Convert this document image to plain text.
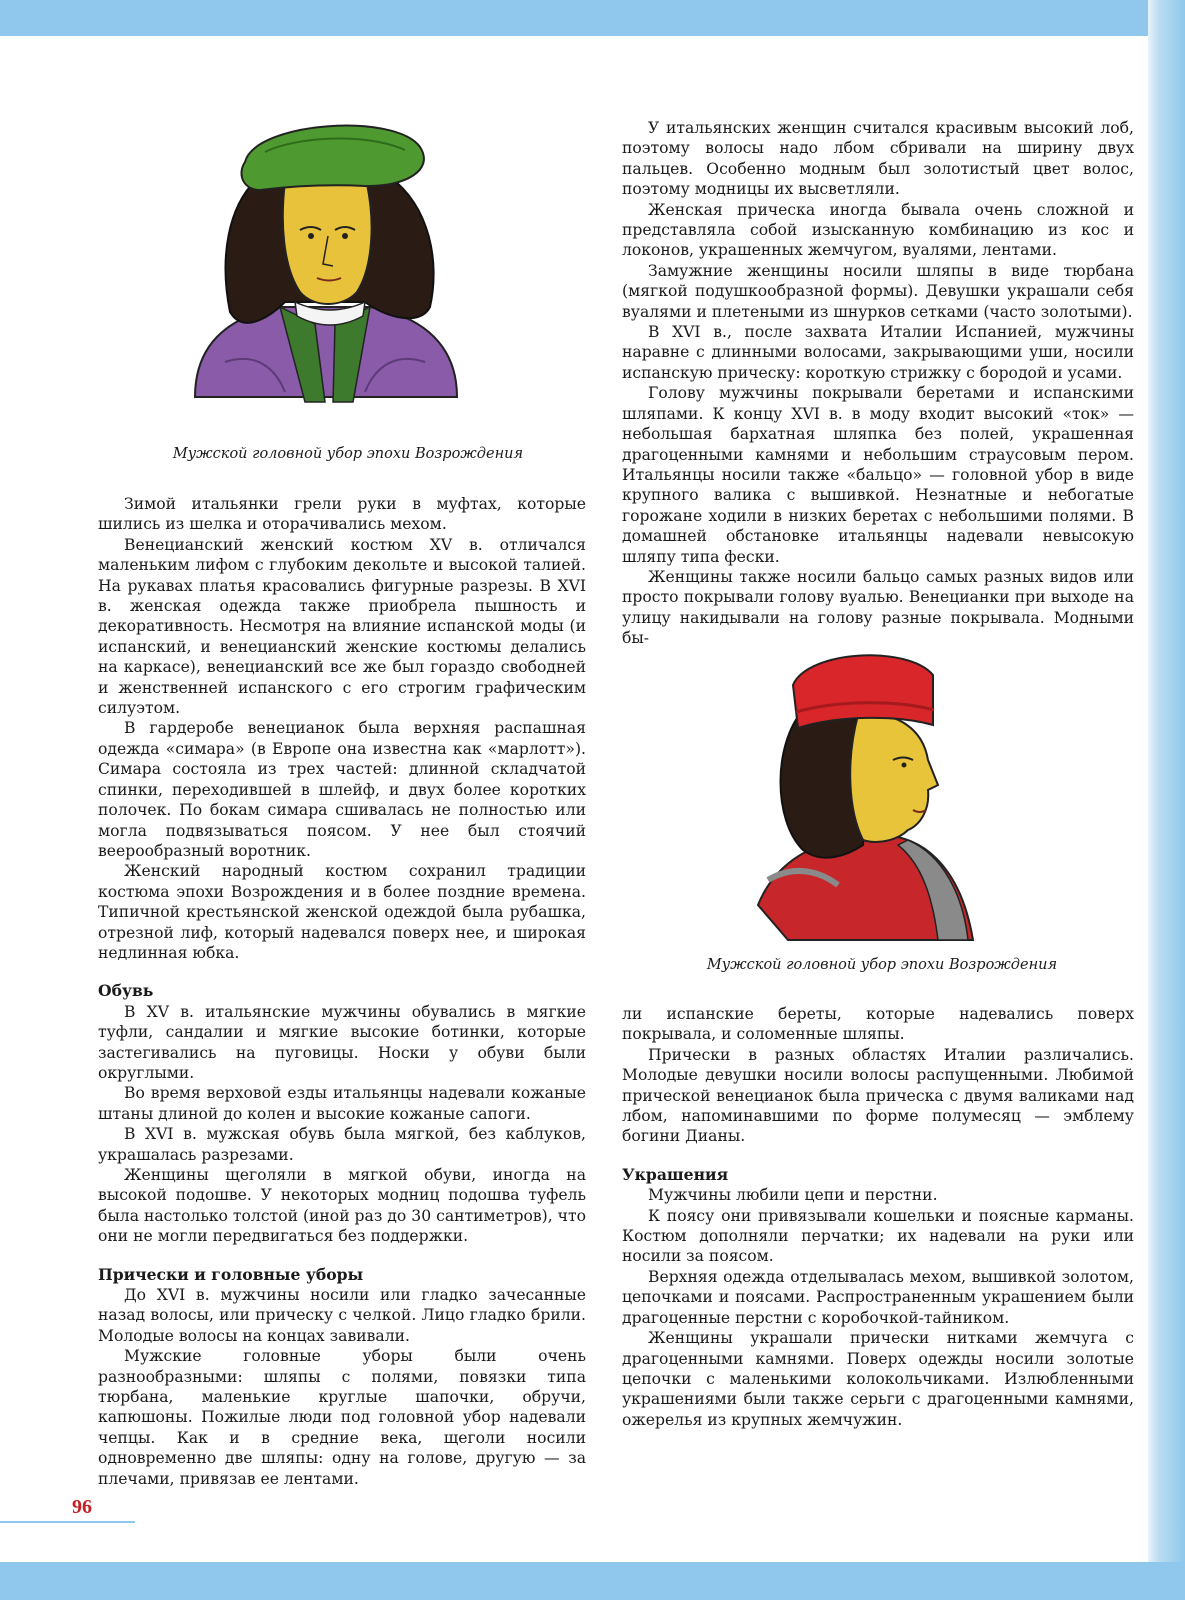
Мужской головной убор эпохи Возрождения
Мужской головной убор эпохи Возрождения

Зимой итальянки грели руки в муфтах, которые шились из шелка и оторачивались мехом.

Венецианский женский костюм XV в. отличался маленьким лифом с глубоким декольте и высокой талией. На рукавах платья красовались фигурные разрезы. В XVI в. женская одежда также приобрела пышность и декоративность. Несмотря на влияние испанской моды (и испанский, и венецианский женские костюмы делались на каркасе), венецианский все же был гораздо свободней и женственней испанского с его строгим графическим силуэтом.

В гардеробе венецианок была верхняя распашная одежда «симара» (в Европе она известна как «марлотт»). Симара состояла из трех частей: длинной складчатой спинки, переходившей в шлейф, и двух более коротких полочек. По бокам симара сшивалась не полностью или могла подвязываться поясом. У нее был стоячий веерообразный воротник.

Женский народный костюм сохранил традиции костюма эпохи Возрождения и в более поздние времена. Типичной крестьянской женской одеждой была рубашка, отрезной лиф, который надевался поверх нее, и широкая недлинная юбка.

Обувь

В XV в. итальянские мужчины обувались в мягкие туфли, сандалии и мягкие высокие ботинки, которые застегивались на пуговицы. Носки у обуви были округлыми.

Во время верховой езды итальянцы надевали кожаные штаны длиной до колен и высокие кожаные сапоги.

В XVI в. мужская обувь была мягкой, без каблуков, украшалась разрезами.

Женщины щеголяли в мягкой обуви, иногда на высокой подошве. У некоторых модниц подошва туфель была настолько толстой (иной раз до 30 сантиметров), что они не могли передвигаться без поддержки.

Прически и головные уборы

До XVI в. мужчины носили или гладко зачесанные назад волосы, или прическу с челкой. Лицо гладко брили. Молодые волосы на концах завивали.

Мужские головные уборы были очень разнообразными: шляпы с полями, повязки типа тюрбана, маленькие круглые шапочки, обручи, капюшоны. Пожилые люди под головной убор надевали чепцы. Как и в средние века, щеголи носили одновременно две шляпы: одну на голове, другую — за плечами, привязав ее лентами.

У итальянских женщин считался красивым высокий лоб, поэтому волосы надо лбом сбривали на ширину двух пальцев. Особенно модным был золотистый цвет волос, поэтому модницы их высветляли.

Женская прическа иногда бывала очень сложной и представляла собой изысканную комбинацию из кос и локонов, украшенных жемчугом, вуалями, лентами.

Замужние женщины носили шляпы в виде тюрбана (мягкой подушкообразной формы). Девушки украшали себя вуалями и плетеными из шнурков сетками (часто золотыми).

В XVI в., после захвата Италии Испанией, мужчины наравне с длинными волосами, закрывающими уши, носили испанскую прическу: короткую стрижку с бородой и усами.

Голову мужчины покрывали беретами и испанскими шляпами. К концу XVI в. в моду входит высокий «ток» — небольшая бархатная шляпка без полей, украшенная драгоценными камнями и небольшим страусовым пером. Итальянцы носили также «бальцо» — головной убор в виде крупного валика с вышивкой. Незнатные и небогатые горожане ходили в низких беретах с небольшими полями. В домашней обстановке итальянцы надевали невысокую шляпу типа фески.

Женщины также носили бальцо самых разных видов или просто покрывали голову вуалью. Венецианки при выходе на улицу накидывали на голову разные покрывала. Модными бы-

ли испанские береты, которые надевались поверх покрывала, и соломенные шляпы.

Прически в разных областях Италии различались. Молодые девушки носили волосы распущенными. Любимой прической венецианок была прическа с двумя валиками над лбом, напоминавшими по форме полумесяц — эмблему богини Дианы.

Украшения

Мужчины любили цепи и перстни.

К поясу они привязывали кошельки и поясные карманы. Костюм дополняли перчатки; их надевали на руки или носили за поясом.

Верхняя одежда отделывалась мехом, вышивкой золотом, цепочками и поясами. Распространенным украшением были драгоценные перстни с коробочкой-тайником.

Женщины украшали прически нитками жемчуга с драгоценными камнями. Поверх одежды носили золотые цепочки с маленькими колокольчиками. Излюбленными украшениями были также серьги с драгоценными камнями, ожерелья из крупных жемчужин.

96
